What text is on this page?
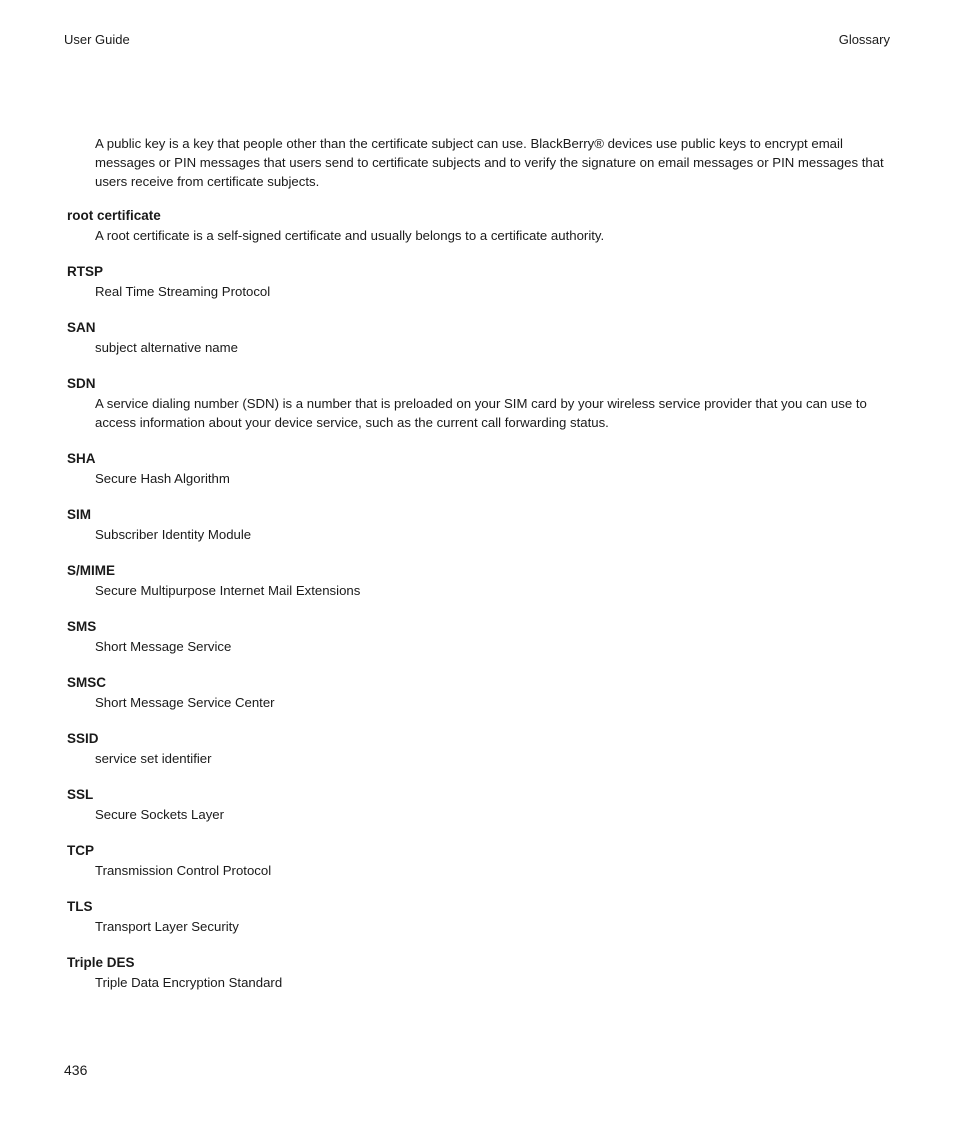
User Guide	Glossary

A public key is a key that people other than the certificate subject can use. BlackBerry® devices use public keys to encrypt email messages or PIN messages that users send to certificate subjects and to verify the signature on email messages or PIN messages that users receive from certificate subjects.

root certificate
A root certificate is a self-signed certificate and usually belongs to a certificate authority.
RTSP
Real Time Streaming Protocol
SAN
subject alternative name
SDN
A service dialing number (SDN) is a number that is preloaded on your SIM card by your wireless service provider that you can use to access information about your device service, such as the current call forwarding status.
SHA
Secure Hash Algorithm
SIM
Subscriber Identity Module
S/MIME
Secure Multipurpose Internet Mail Extensions
SMS
Short Message Service
SMSC
Short Message Service Center
SSID
service set identifier
SSL
Secure Sockets Layer
TCP
Transmission Control Protocol
TLS
Transport Layer Security
Triple DES
Triple Data Encryption Standard
436
